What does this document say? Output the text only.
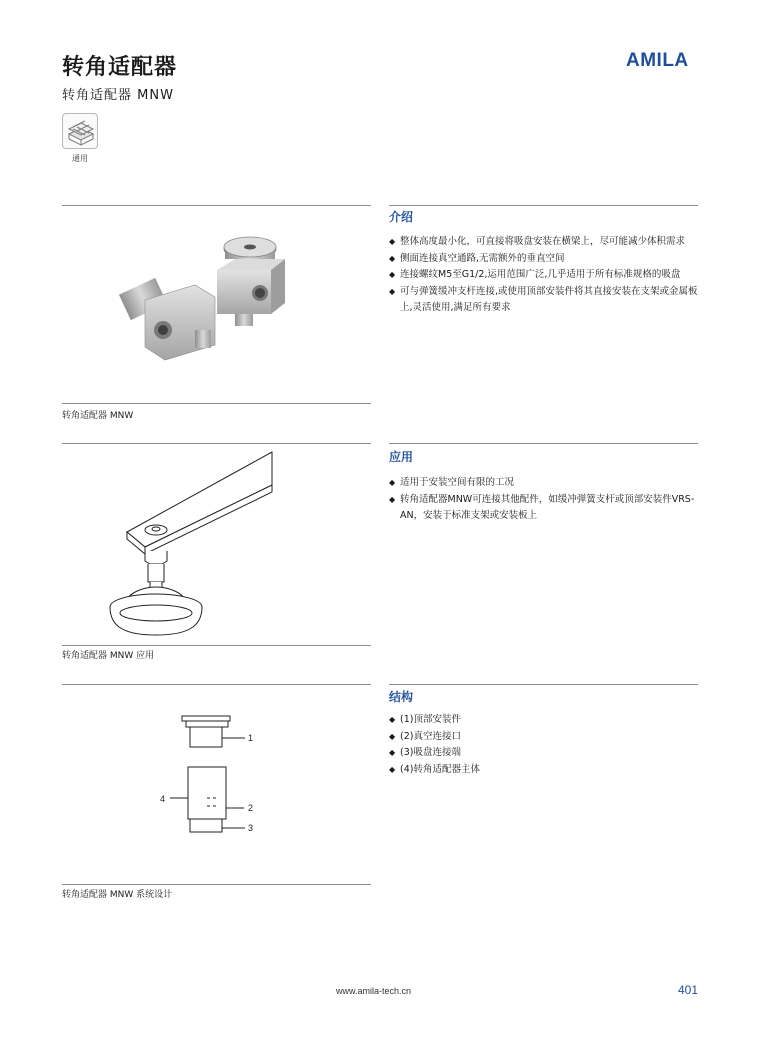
转角适配器
转角适配器 MNW
AMILA
通用
介绍
◆ 整体高度最小化，可直接将吸盘安装在横梁上，尽可能减少体积需求
◆ 侧面连接真空通路,无需额外的垂直空间
◆ 连接螺纹M5至G1/2,运用范围广泛,几乎适用于所有标准规格的吸盘
◆ 可与弹簧缓冲支杆连接,或使用顶部安装件将其直接安装在支架或金属板上,灵活使用,满足所有要求
转角适配器 MNW
应用
◆ 适用于安装空间有限的工况
◆ 转角适配器MNW可连接其他配件，如缓冲弹簧支杆或顶部安装件VRS-AN，安装于标准支架或安装板上
转角适配器 MNW 应用
结构
◆ (1)顶部安装件
◆ (2)真空连接口
◆ (3)吸盘连接端
◆ (4)转角适配器主体
1
4
2
3
转角适配器 MNW 系统设计
www.amila-tech.cn	401
